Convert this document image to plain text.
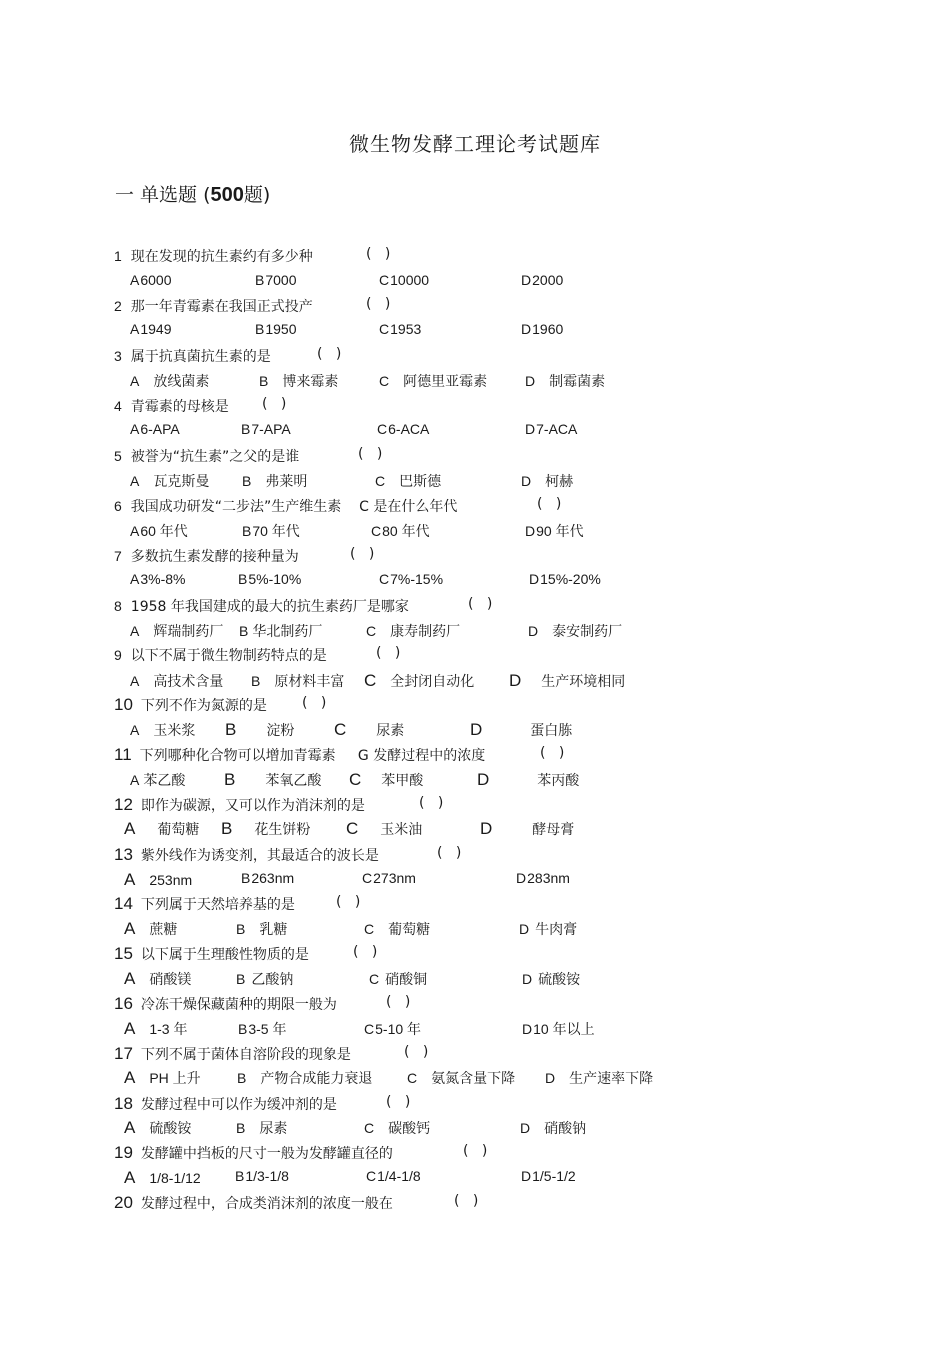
微生物发酵工理论考试题库
一 单选题 (500题)
1 现在发现的抗生素约有多少种	(   )
A6000	B7000	C10000	D2000
2 那一年青霉素在我国正式投产	(   )
A1949	B1950	C1953	D1960
3 属于抗真菌抗生素的是	(   )
A 放线菌素	B 博来霉素	C 阿德里亚霉素	D 制霉菌素
4 青霉素的母核是 (   )
A6-APA	B7-APA	C6-ACA	D7-ACA
5 被誉为“抗生素”之父的是谁	(   )
A 瓦克斯曼 B 弗莱明	C 巴斯德	D 柯赫
6 我国成功研发“二步法”生产维生素    C 是在什么年代	(   )
A60 年代	B70 年代	C80 年代	D90 年代
7 多数抗生素发酵的接种量为	(   )
A3%-8%	B5%-10%	C7%-15%	D15%-20%
8 1958 年我国建成的最大的抗生素药厂是哪家	(   )
A 辉瑞制药厂 B 华北制药厂	C 康寿制药厂	D 泰安制药厂
9 以下不属于微生物制药特点的是	(   )
A 高技术含量 B 原材料丰富 C 全封闭自动化 D 生产环境相同
10 下列不作为氮源的是	(   )
A 玉米浆 B 淀粉 C 尿素	D	蛋白胨
11 下列哪种化合物可以增加青霉素     G 发酵过程中的浓度	(   )
A 苯乙酸 B 苯氧乙酸 C 苯甲酸	D	苯丙酸
12 即作为碳源，又可以作为消沫剂的是	(   )
A 葡萄糖 B 花生饼粉 C 玉米油	D	酵母膏
13 紫外线作为诱变剂，其最适合的波长是	(   )
A 253nm	B263nm	C273nm	D283nm
14 下列属于天然培养基的是	(   )
A 蔗糖	B 乳糖	C 葡萄糖	D 牛肉膏
15 以下属于生理酸性物质的是	(   )
A 硝酸镁	B 乙酸钠	C 硝酸铜	D 硫酸铵
16 冷冻干燥保藏菌种的期限一般为	(   )
A 1-3 年	B3-5 年	C5-10 年	D10 年以上
17 下列不属于菌体自溶阶段的现象是	(   )
A PH 上升	B 产物合成能力衰退 C 氨氮含量下降 D 生产速率下降
18 发酵过程中可以作为缓冲剂的是	(   )
A 硫酸铵	B 尿素	C 碳酸钙	D 硝酸钠
19 发酵罐中挡板的尺寸一般为发酵罐直径的	(   )
A 1/8-1/12 B1/3-1/8	C1/4-1/8	D1/5-1/2
20 发酵过程中，合成类消沫剂的浓度一般在	(   )
